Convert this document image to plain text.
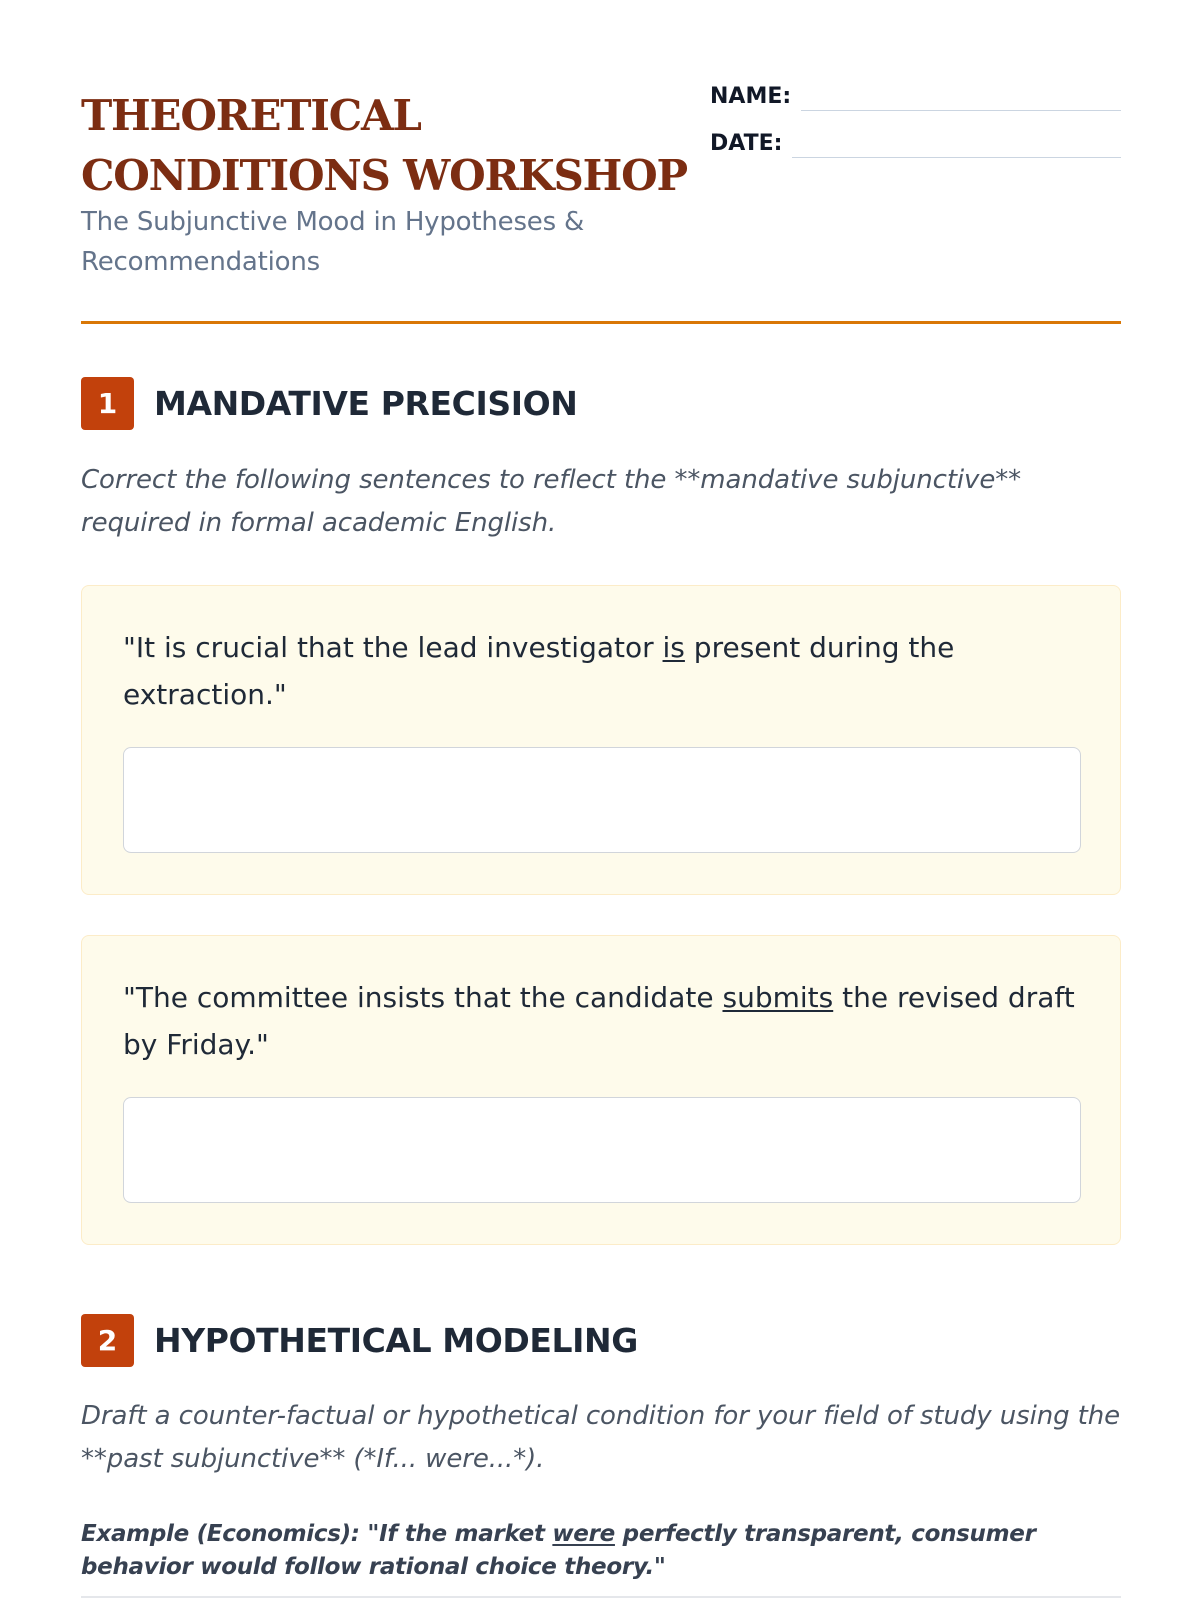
THEORETICAL
CONDITIONS WORKSHOP

The Subjunctive Mood in Hypotheses & Recommendations

NAME:
DATE:
1	MANDATIVE PRECISION

Correct the following sentences to reflect the **mandative subjunctive** required in formal academic English.

"It is crucial that the lead investigator is present during the extraction."

"The committee insists that the candidate submits the revised draft by Friday."

2	HYPOTHETICAL MODELING

Draft a counter-factual or hypothetical condition for your field of study using the **past subjunctive** (*If... were...*).

Example (Economics): "If the market were perfectly transparent, consumer behavior would follow rational choice theory."
